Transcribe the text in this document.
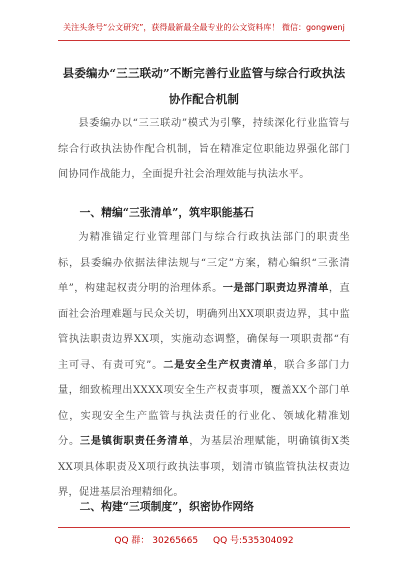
关注头条号“公文研究”，获得最新最全最专业的公文资料库！ 微信：gongwenj
县委编办“三三联动”不断完善行业监管与综合行政执法
协作配合机制
县委编办以“三三联动”模式为引擎，持续深化行业监管与综合行政执法协作配合机制，旨在精准定位职能边界强化部门间协同作战能力，全面提升社会治理效能与执法水平。
一、精编“三张清单”，筑牢职能基石
为精准锚定行业管理部门与综合行政执法部门的职责坐标，县委编办依据法律法规与“三定”方案，精心编织“三张清单”，构建起权责分明的治理体系。一是部门职责边界清单，直面社会治理难题与民众关切，明确列出XX项职责边界，其中监管执法职责边界XX项，实施动态调整，确保每一项职责都“有主可寻、有责可究”。二是安全生产权责清单，联合多部门力量，细致梳理出XXXX项安全生产权责事项，覆盖XX个部门单位，实现安全生产监管与执法责任的行业化、领域化精准划分。三是镇街职责任务清单，为基层治理赋能，明确镇街X类XX项具体职责及X项行政执法事项，划清市镇监管执法权责边界，促进基层治理精细化。
二、构建“三项制度”，织密协作网络
QQ 群： 30265665 QQ 号:535304092
